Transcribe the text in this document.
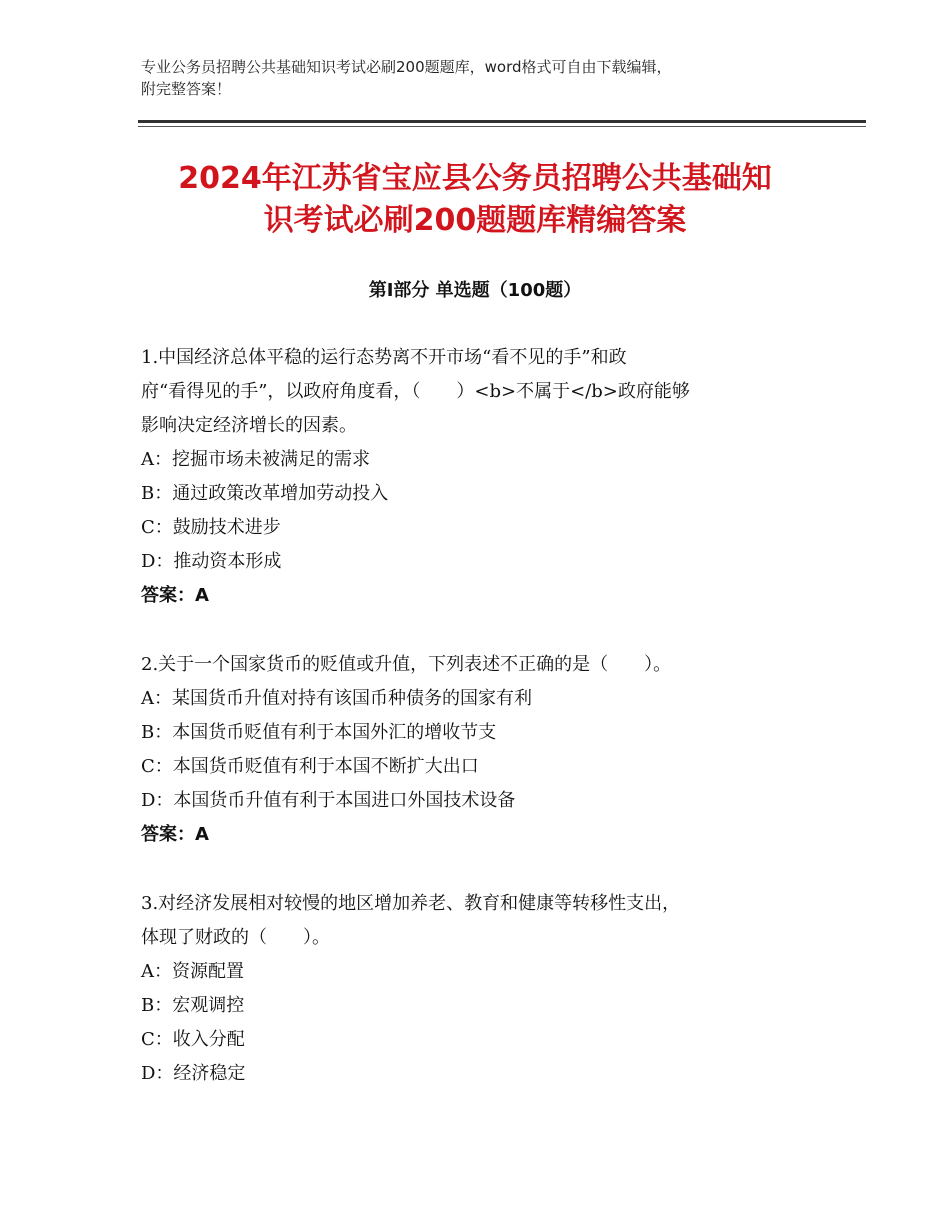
专业公务员招聘公共基础知识考试必刷200题题库，word格式可自由下载编辑，
附完整答案！
2024年江苏省宝应县公务员招聘公共基础知
识考试必刷200题题库精编答案
第Ⅰ部分 单选题（100题）
1.中国经济总体平稳的运行态势离不开市场“看不见的手”和政
府“看得见的手”，以政府角度看，（　　）<b>不属于</b>政府能够
影响决定经济增长的因素。
A：挖掘市场未被满足的需求
B：通过政策改革增加劳动投入
C：鼓励技术进步
D：推动资本形成
答案：A
2.关于一个国家货币的贬值或升值，下列表述不正确的是（　　）。
A：某国货币升值对持有该国币种债务的国家有利
B：本国货币贬值有利于本国外汇的增收节支
C：本国货币贬值有利于本国不断扩大出口
D：本国货币升值有利于本国进口外国技术设备
答案：A
3.对经济发展相对较慢的地区增加养老、教育和健康等转移性支出，
体现了财政的（　　）。
A：资源配置
B：宏观调控
C：收入分配
D：经济稳定
